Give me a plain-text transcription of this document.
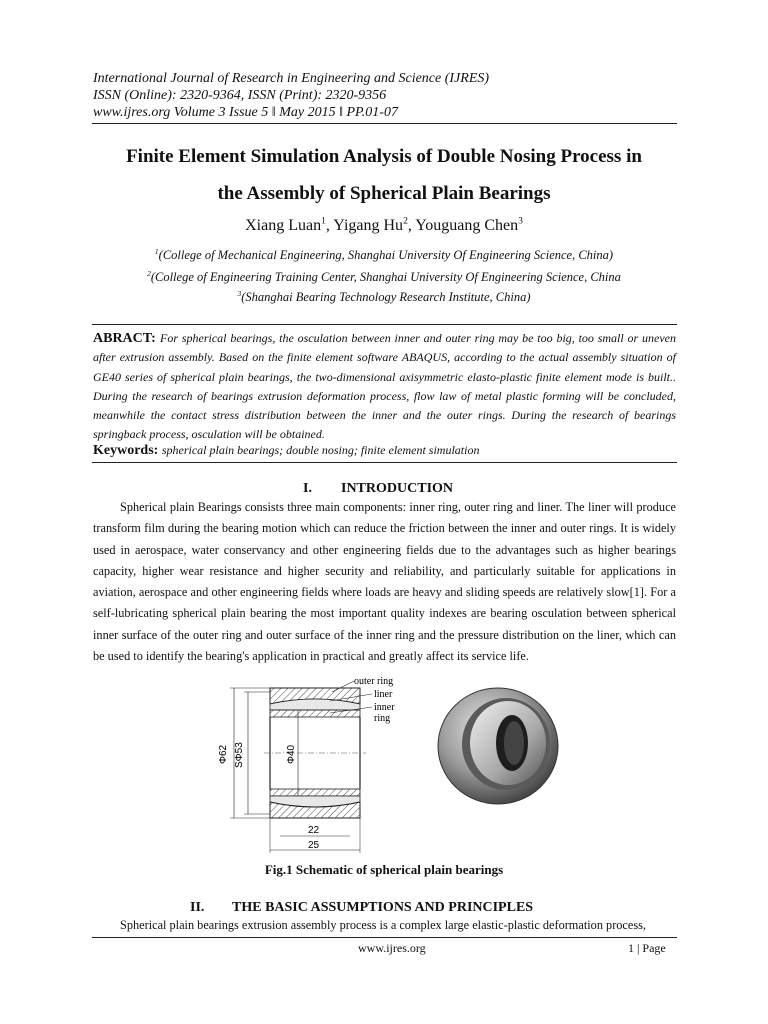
International Journal of Research in Engineering and Science (IJRES)
ISSN (Online): 2320-9364, ISSN (Print): 2320-9356
www.ijres.org Volume 3 Issue 5 ǁ May 2015 ǁ PP.01-07
Finite Element Simulation Analysis of Double Nosing Process in
the Assembly of Spherical Plain Bearings
Xiang Luan$^1$, Yigang Hu$^2$, Youguang Chen$^3$
$^1$(College of Mechanical Engineering, Shanghai University Of Engineering Science, China)
$^2$(College of Engineering Training Center, Shanghai University Of Engineering Science, China
$^3$(Shanghai Bearing Technology Research Institute, China)
ABRACT: For spherical bearings, the osculation between inner and outer ring may be too big, too small or uneven after extrusion assembly. Based on the finite element software ABAQUS, according to the actual assembly situation of GE40 series of spherical plain bearings, the two-dimensional axisymmetric elasto-plastic finite element mode is built.. During the research of bearings extrusion deformation process, flow law of metal plastic forming will be concluded, meanwhile the contact stress distribution between the inner and the outer rings. During the research of bearings springback process, osculation will be obtained.
Keywords: spherical plain bearings; double nosing; finite element simulation
I. INTRODUCTION
Spherical plain Bearings consists three main components: inner ring, outer ring and liner. The liner will produce transform film during the bearing motion which can reduce the friction between the inner and outer rings. It is widely used in aerospace, water conservancy and other engineering fields due to the advantages such as higher bearings capacity, higher wear resistance and higher security and reliability, and particularly suitable for applications in aviation, aerospace and other engineering fields where loads are heavy and sliding speeds are relatively slow[1]. For a self-lubricating spherical plain bearing the most important quality indexes are bearing osculation between spherical inner surface of the outer ring and outer surface of the inner ring and the pressure distribution on the liner, which can be used to identify the bearing's application in practical and greatly affect its service life.
Φ62 SΦ53	Φ40
22
25
outer ring
liner
inner
ring
Fig.1 Schematic of spherical plain bearings
II. THE BASIC ASSUMPTIONS AND PRINCIPLES
Spherical plain bearings extrusion assembly process is a complex large elastic-plastic deformation process,
www.ijres.org	1 | Page
